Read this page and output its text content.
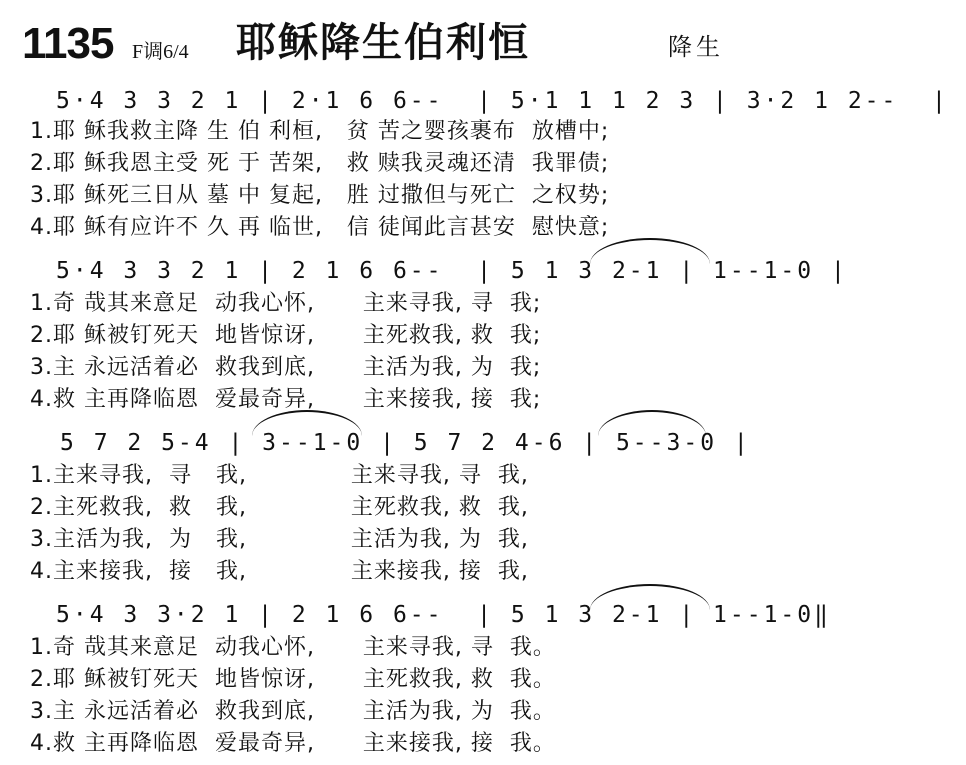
1135 F调6/4 耶稣降生伯利恒	降生
5·4 3 3 2 1 | 2·1 6 6--  | 5·1 1 1 2 3 | 3·2 1 2--  |
1.耶 稣我救主降 生 伯 利桓,   贫 苦之婴孩裹布  放槽中;
2.耶 稣我恩主受 死 于 苦架,   救 赎我灵魂还清  我罪债;
3.耶 稣死三日从 墓 中 复起,   胜 过撒但与死亡  之权势;
4.耶 稣有应许不 久 再 临世,   信 徒闻此言甚安  慰快意;
5·4 3 3 2 1 | 2 1 6 6--  | 5 1 3 2-1 | 1--1-0 |
1.奇 哉其来意足  动我心怀,      主来寻我, 寻  我;
2.耶 稣被钉死天  地皆惊讶,      主死救我, 救  我;
3.主 永远活着必  救我到底,      主活为我, 为  我;
4.救 主再降临恩  爱最奇异,      主来接我, 接  我;
5 7 2 5-4 | 3--1-0 | 5 7 2 4-6 | 5--3-0 |
1.主来寻我,  寻   我,             主来寻我, 寻  我,
2.主死救我,  救   我,             主死救我, 救  我,
3.主活为我,  为   我,             主活为我, 为  我,
4.主来接我,  接   我,             主来接我, 接  我,
5·4 3 3·2 1 | 2 1 6 6--  | 5 1 3 2-1 | 1--1-0‖
1.奇 哉其来意足  动我心怀,      主来寻我, 寻  我。
2.耶 稣被钉死天  地皆惊讶,      主死救我, 救  我。
3.主 永远活着必  救我到底,      主活为我, 为  我。
4.救 主再降临恩  爱最奇异,      主来接我, 接  我。
